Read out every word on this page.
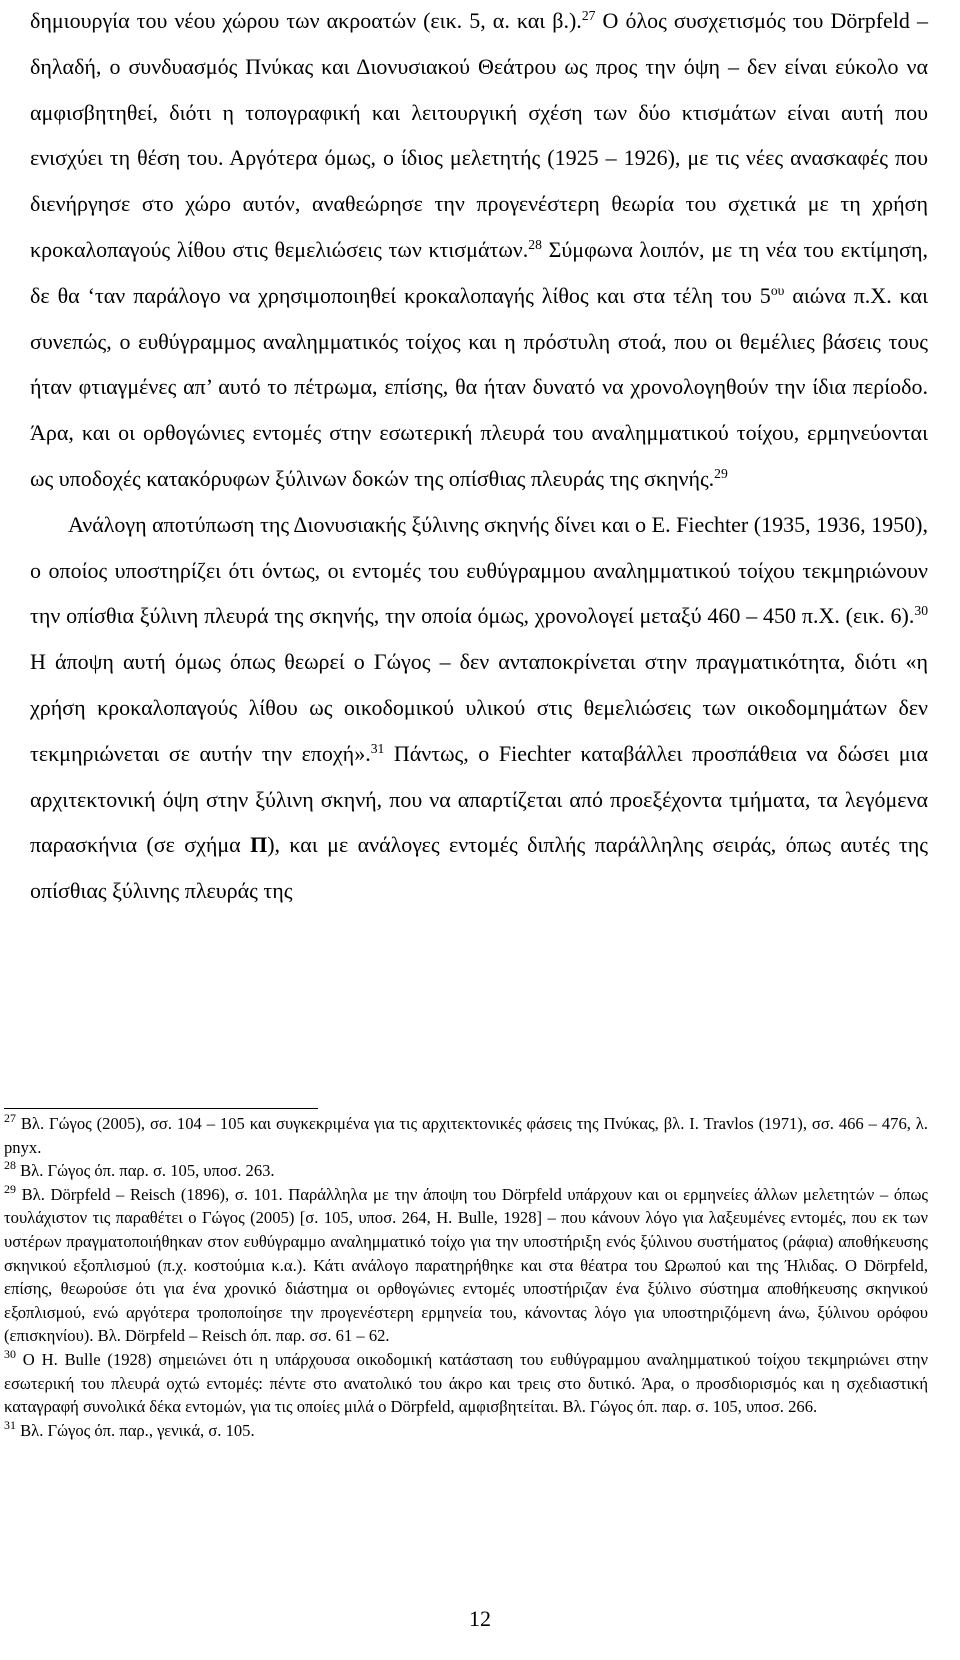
δημιουργία του νέου χώρου των ακροατών (εικ. 5, α. και β.).$^{27}$ Ο όλος συσχετισμός του Dörpfeld – δηλαδή, ο συνδυασμός Πνύκας και Διονυσιακού Θεάτρου ως προς την όψη – δεν είναι εύκολο να αμφισβητηθεί, διότι η τοπογραφική και λειτουργική σχέση των δύο κτισμάτων είναι αυτή που ενισχύει τη θέση του. Αργότερα όμως, ο ίδιος μελετητής (1925 – 1926), με τις νέες ανασκαφές που διενήργησε στο χώρο αυτόν, αναθεώρησε την προγενέστερη θεωρία του σχετικά με τη χρήση κροκαλοπαγούς λίθου στις θεμελιώσεις των κτισμάτων.$^{28}$ Σύμφωνα λοιπόν, με τη νέα του εκτίμηση, δε θα ‘ταν παράλογο να χρησιμοποιηθεί κροκαλοπαγής λίθος και στα τέλη του $5^{o\upsilon}$ αιώνα π.Χ. και συνεπώς, ο ευθύγραμμος αναλημματικός τοίχος και η πρόστυλη στοά, που οι θεμέλιες βάσεις τους ήταν φτιαγμένες απ’ αυτό το πέτρωμα, επίσης, θα ήταν δυνατό να χρονολογηθούν την ίδια περίοδο. Άρα, και οι ορθογώνιες εντομές στην εσωτερική πλευρά του αναλημματικού τοίχου, ερμηνεύονται ως υποδοχές κατακόρυφων ξύλινων δοκών της οπίσθιας πλευράς της σκηνής.$^{29}$

Ανάλογη αποτύπωση της Διονυσιακής ξύλινης σκηνής δίνει και ο Ε. Fiechter (1935, 1936, 1950), ο οποίος υποστηρίζει ότι όντως, οι εντομές του ευθύγραμμου αναλημματικού τοίχου τεκμηριώνουν την οπίσθια ξύλινη πλευρά της σκηνής, την οποία όμως, χρονολογεί μεταξύ 460 – 450 π.Χ. (εικ. 6).$^{30}$ Η άποψη αυτή όμως όπως θεωρεί ο Γώγος – δεν ανταποκρίνεται στην πραγματικότητα, διότι «η χρήση κροκαλοπαγούς λίθου ως οικοδομικού υλικού στις θεμελιώσεις των οικοδομημάτων δεν τεκμηριώνεται σε αυτήν την εποχή».$^{31}$ Πάντως, ο Fiechter καταβάλλει προσπάθεια να δώσει μια αρχιτεκτονική όψη στην ξύλινη σκηνή, που να απαρτίζεται από προεξέχοντα τμήματα, τα λεγόμενα παρασκήνια (σε σχήμα Π), και με ανάλογες εντομές διπλής παράλληλης σειράς, όπως αυτές της οπίσθιας ξύλινης πλευράς της

$^{27}$ Βλ. Γώγος (2005), σσ. 104 – 105 και συγκεκριμένα για τις αρχιτεκτονικές φάσεις της Πνύκας, βλ. I. Travlos (1971), σσ. 466 – 476, λ. pnyx.

$^{28}$ Βλ. Γώγος όπ. παρ. σ. 105, υποσ. 263.

$^{29}$ Βλ. Dörpfeld – Reisch (1896), σ. 101. Παράλληλα με την άποψη του Dörpfeld υπάρχουν και οι ερμηνείες άλλων μελετητών – όπως τουλάχιστον τις παραθέτει ο Γώγος (2005) [σ. 105, υποσ. 264, H. Bulle, 1928] – που κάνουν λόγο για λαξευμένες εντομές, που εκ των υστέρων πραγματοποιήθηκαν στον ευθύγραμμο αναλημματικό τοίχο για την υποστήριξη ενός ξύλινου συστήματος (ράφια) αποθήκευσης σκηνικού εξοπλισμού (π.χ. κοστούμια κ.α.). Κάτι ανάλογο παρατηρήθηκε και στα θέατρα του Ωρωπού και της Ήλιδας. Ο Dörpfeld, επίσης, θεωρούσε ότι για ένα χρονικό διάστημα οι ορθογώνιες εντομές υποστήριζαν ένα ξύλινο σύστημα αποθήκευσης σκηνικού εξοπλισμού, ενώ αργότερα τροποποίησε την προγενέστερη ερμηνεία του, κάνοντας λόγο για υποστηριζόμενη άνω, ξύλινου ορόφου (επισκηνίου). Βλ. Dörpfeld – Reisch όπ. παρ. σσ. 61 – 62.

$^{30}$ Ο H. Bulle (1928) σημειώνει ότι η υπάρχουσα οικοδομική κατάσταση του ευθύγραμμου αναλημματικού τοίχου τεκμηριώνει στην εσωτερική του πλευρά οχτώ εντομές: πέντε στο ανατολικό του άκρο και τρεις στο δυτικό. Άρα, ο προσδιορισμός και η σχεδιαστική καταγραφή συνολικά δέκα εντομών, για τις οποίες μιλά ο Dörpfeld, αμφισβητείται. Βλ. Γώγος όπ. παρ. σ. 105, υποσ. 266.

$^{31}$ Βλ. Γώγος όπ. παρ., γενικά, σ. 105.

12
